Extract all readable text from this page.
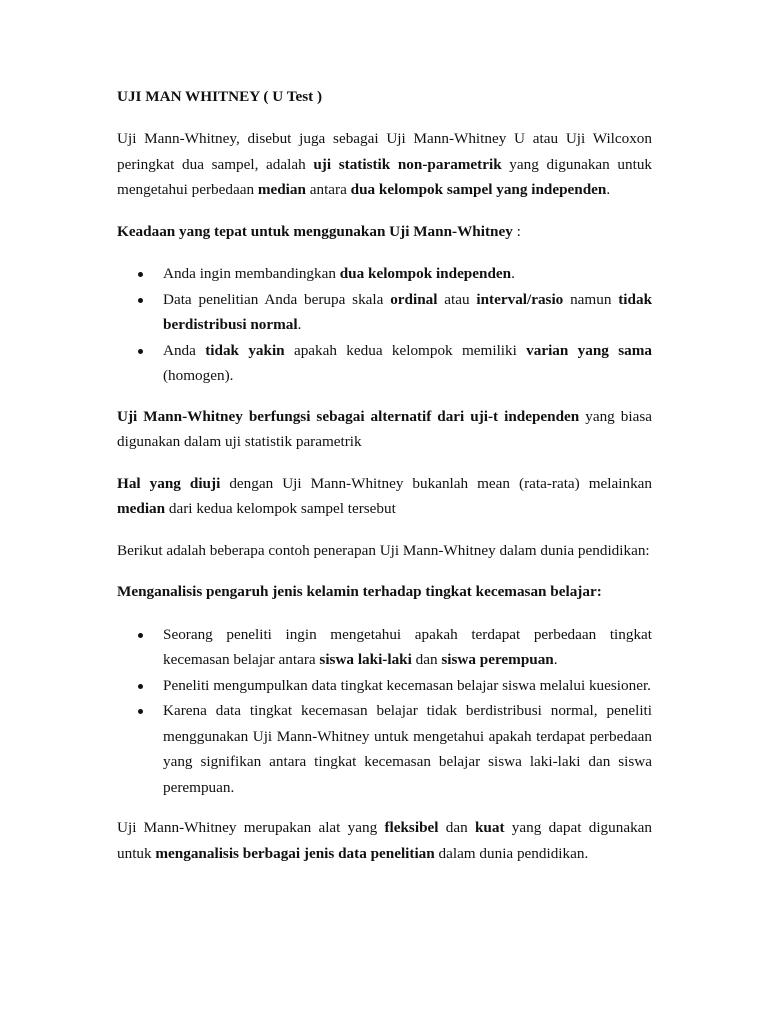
UJI MAN WHITNEY ( U Test )

Uji Mann-Whitney, disebut juga sebagai Uji Mann-Whitney U atau Uji Wilcoxon peringkat dua sampel, adalah uji statistik non-parametrik yang digunakan untuk mengetahui perbedaan median antara dua kelompok sampel yang independen.

Keadaan yang tepat untuk menggunakan Uji Mann-Whitney :

Anda ingin membandingkan dua kelompok independen.
Data penelitian Anda berupa skala ordinal atau interval/rasio namun tidak berdistribusi normal.
Anda tidak yakin apakah kedua kelompok memiliki varian yang sama (homogen).

Uji Mann-Whitney berfungsi sebagai alternatif dari uji-t independen yang biasa digunakan dalam uji statistik parametrik

Hal yang diuji dengan Uji Mann-Whitney bukanlah mean (rata-rata) melainkan median dari kedua kelompok sampel tersebut

Berikut adalah beberapa contoh penerapan Uji Mann-Whitney dalam dunia pendidikan:

Menganalisis pengaruh jenis kelamin terhadap tingkat kecemasan belajar:

Seorang peneliti ingin mengetahui apakah terdapat perbedaan tingkat kecemasan belajar antara siswa laki-laki dan siswa perempuan.
Peneliti mengumpulkan data tingkat kecemasan belajar siswa melalui kuesioner.
Karena data tingkat kecemasan belajar tidak berdistribusi normal, peneliti menggunakan Uji Mann-Whitney untuk mengetahui apakah terdapat perbedaan yang signifikan antara tingkat kecemasan belajar siswa laki-laki dan siswa perempuan.

Uji Mann-Whitney merupakan alat yang fleksibel dan kuat yang dapat digunakan untuk menganalisis berbagai jenis data penelitian dalam dunia pendidikan.
